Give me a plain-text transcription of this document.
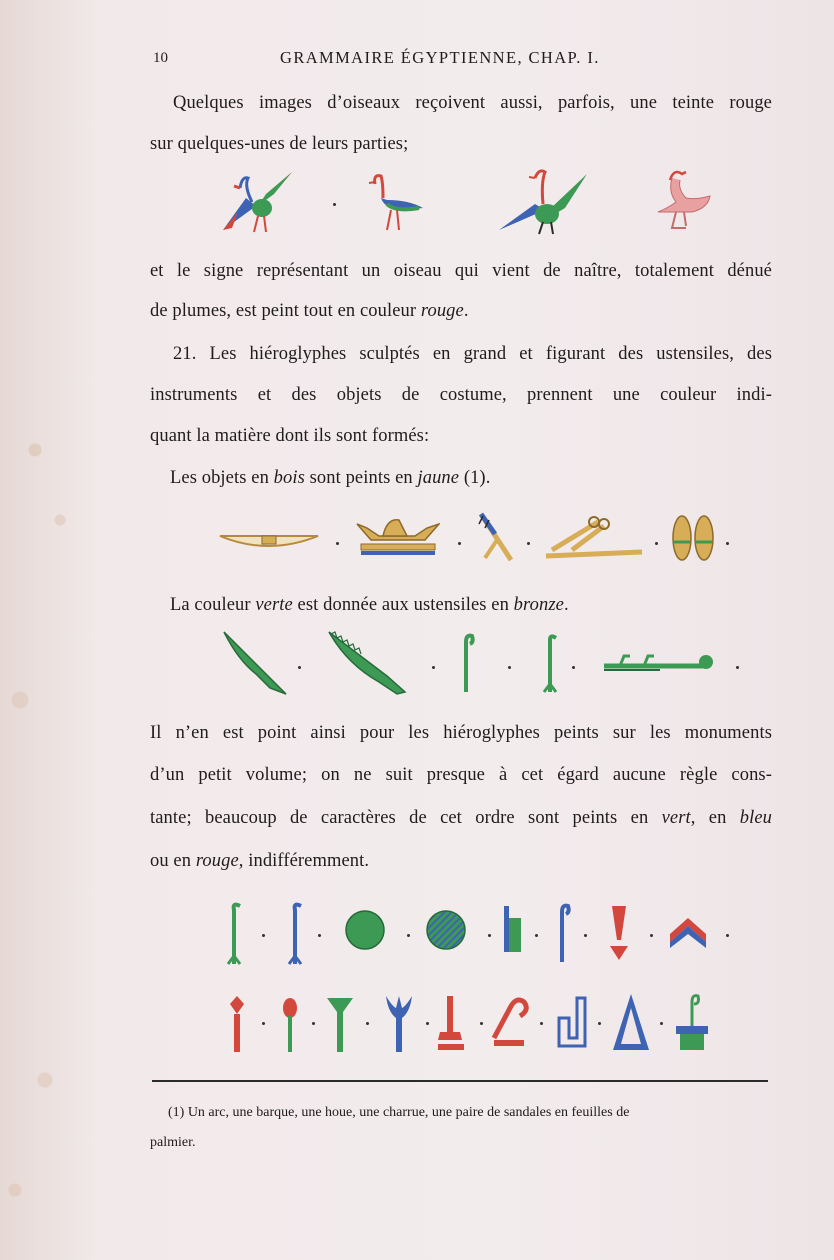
10	GRAMMAIRE ÉGYPTIENNE, CHAP. I.
Quelques images d’oiseaux reçoivent aussi, parfois, une teinte rouge
sur quelques-unes de leurs parties;
et le signe représentant un oiseau qui vient de naître, totalement dénué
de plumes, est peint tout en couleur rouge.
21. Les hiéroglyphes sculptés en grand et figurant des ustensiles, des
instruments et des objets de costume, prennent une couleur indi-
quant la matière dont ils sont formés:
Les objets en bois sont peints en jaune (1).
La couleur verte est donnée aux ustensiles en bronze.
Il n’en est point ainsi pour les hiéroglyphes peints sur les monuments
d’un petit volume; on ne suit presque à cet égard aucune règle cons-
tante; beaucoup de caractères de cet ordre sont peints en vert, en bleu
ou en rouge, indifféremment.
(1) Un arc, une barque, une houe, une charrue, une paire de sandales en feuilles de
palmier.
